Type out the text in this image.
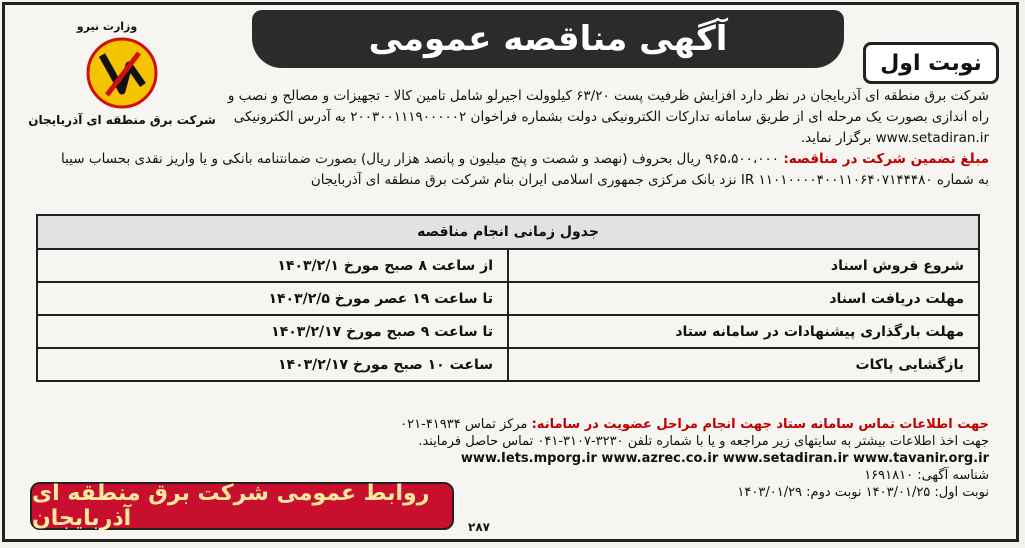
آگهی مناقصه عمومی
نوبت اول
وزارت نیرو
شرکت برق منطقه ای آذربایجان

شرکت برق منطقه ای آذربایجان در نظر دارد افزایش ظرفیت پست ۶۳/۲۰ کیلوولت اجیرلو شامل تامین کالا - تجهیزات و مصالح و نصب و

راه اندازی بصورت یک مرحله ای از طریق سامانه تدارکات الکترونیکی دولت بشماره فراخوان ۲۰۰۳۰۰۱۱۱۹۰۰۰۰۰۲ به آدرس الکترونیکی

www.setadiran.ir برگزار نماید.

مبلغ تضمین شرکت در مناقصه: ۹۶۵،۵۰۰،۰۰۰ ریال بحروف (نهصد و شصت و پنج میلیون و پانصد هزار ریال) بصورت ضمانتنامه بانکی و یا واریز نقدی بحساب سیبا

به شماره IR ۱۱۰۱۰۰۰۰۴۰۰۱۱۰۶۴۰۷۱۴۴۴۸۰ نزد بانک مرکزی جمهوری اسلامی ایران بنام شرکت برق منطقه ای آذربایجان

جدول زمانی انجام مناقصه	
شروع فروش اسناد	از ساعت ۸ صبح مورخ ۱۴۰۳/۲/۱
مهلت دریافت اسناد	تا ساعت ۱۹ عصر مورخ ۱۴۰۳/۲/۵
مهلت بارگذاری پیشنهادات در سامانه ستاد	تا ساعت ۹ صبح مورخ ۱۴۰۳/۲/۱۷
بازگشایی پاکات	ساعت ۱۰ صبح مورخ ۱۴۰۳/۲/۱۷

جهت اطلاعات تماس سامانه ستاد جهت انجام مراحل عضویت در سامانه: مرکز تماس ۴۱۹۳۴-۰۲۱

جهت اخذ اطلاعات بیشتر به سایتهای زیر مراجعه و یا با شماره تلفن ۳۲۳۰-۳۱۰۷-۰۴۱ تماس حاصل فرمایند.

www.Iets.mporg.ir www.azrec.co.ir www.setadiran.ir www.tavanir.org.ir

شناسه آگهی: ۱۶۹۱۸۱۰

نوبت اول: ۱۴۰۳/۰۱/۲۵ نوبت دوم: ۱۴۰۳/۰۱/۲۹

روابط عمومی شرکت برق منطقه ای آذربایجان	۲۸۷
